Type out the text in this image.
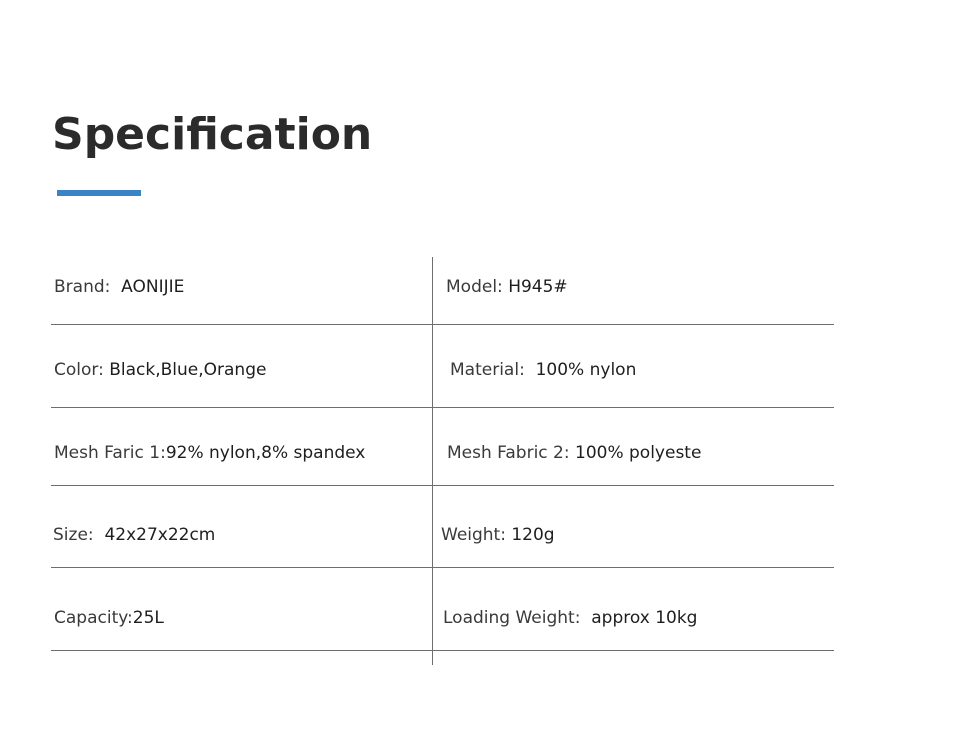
Specification
Brand:  AONIJIE	Model: H945#
Color: Black,Blue,Orange	Material:  100% nylon
Mesh Faric 1:92% nylon,8% spandex	Mesh Fabric 2: 100% polyeste
Size:  42x27x22cm	Weight: 120g
Capacity:25L	Loading Weight:  approx 10kg
